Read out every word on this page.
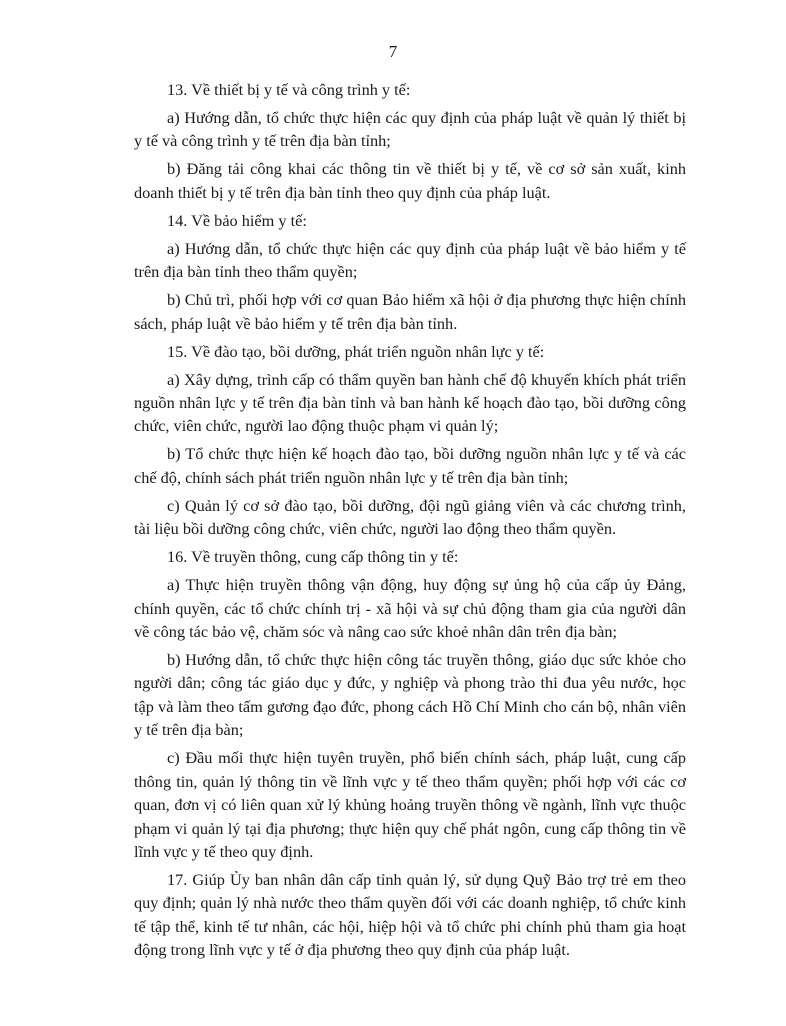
7

13. Về thiết bị y tế và công trình y tế:

a) Hướng dẫn, tổ chức thực hiện các quy định của pháp luật về quản lý thiết bị y tế và công trình y tế trên địa bàn tỉnh;

b) Đăng tải công khai các thông tin về thiết bị y tế, về cơ sở sản xuất, kinh doanh thiết bị y tế trên địa bàn tỉnh theo quy định của pháp luật.

14. Về bảo hiểm y tế:

a) Hướng dẫn, tổ chức thực hiện các quy định của pháp luật về bảo hiểm y tế trên địa bàn tỉnh theo thẩm quyền;

b) Chủ trì, phối hợp với cơ quan Bảo hiểm xã hội ở địa phương thực hiện chính sách, pháp luật về bảo hiểm y tế trên địa bàn tỉnh.

15. Về đào tạo, bồi dưỡng, phát triển nguồn nhân lực y tế:

a) Xây dựng, trình cấp có thẩm quyền ban hành chế độ khuyến khích phát triển nguồn nhân lực y tế trên địa bàn tỉnh và ban hành kế hoạch đào tạo, bồi dưỡng công chức, viên chức, người lao động thuộc phạm vi quản lý;

b) Tổ chức thực hiện kế hoạch đào tạo, bồi dưỡng nguồn nhân lực y tế và các chế độ, chính sách phát triển nguồn nhân lực y tế trên địa bàn tỉnh;

c) Quản lý cơ sở đào tạo, bồi dưỡng, đội ngũ giảng viên và các chương trình, tài liệu bồi dưỡng công chức, viên chức, người lao động theo thẩm quyền.

16. Về truyền thông, cung cấp thông tin y tế:

a) Thực hiện truyền thông vận động, huy động sự ủng hộ của cấp ủy Đảng, chính quyền, các tổ chức chính trị - xã hội và sự chủ động tham gia của người dân về công tác bảo vệ, chăm sóc và nâng cao sức khoẻ nhân dân trên địa bàn;

b) Hướng dẫn, tổ chức thực hiện công tác truyền thông, giáo dục sức khỏe cho người dân; công tác giáo dục y đức, y nghiệp và phong trào thi đua yêu nước, học tập và làm theo tấm gương đạo đức, phong cách Hồ Chí Minh cho cán bộ, nhân viên y tế trên địa bàn;

c) Đầu mối thực hiện tuyên truyền, phổ biến chính sách, pháp luật, cung cấp thông tin, quản lý thông tin về lĩnh vực y tế theo thẩm quyền; phối hợp với các cơ quan, đơn vị có liên quan xử lý khủng hoảng truyền thông về ngành, lĩnh vực thuộc phạm vi quản lý tại địa phương; thực hiện quy chế phát ngôn, cung cấp thông tin về lĩnh vực y tế theo quy định.

17. Giúp Ủy ban nhân dân cấp tỉnh quản lý, sử dụng Quỹ Bảo trợ trẻ em theo quy định; quản lý nhà nước theo thẩm quyền đối với các doanh nghiệp, tổ chức kinh tế tập thể, kinh tế tư nhân, các hội, hiệp hội và tổ chức phi chính phủ tham gia hoạt động trong lĩnh vực y tế ở địa phương theo quy định của pháp luật.
